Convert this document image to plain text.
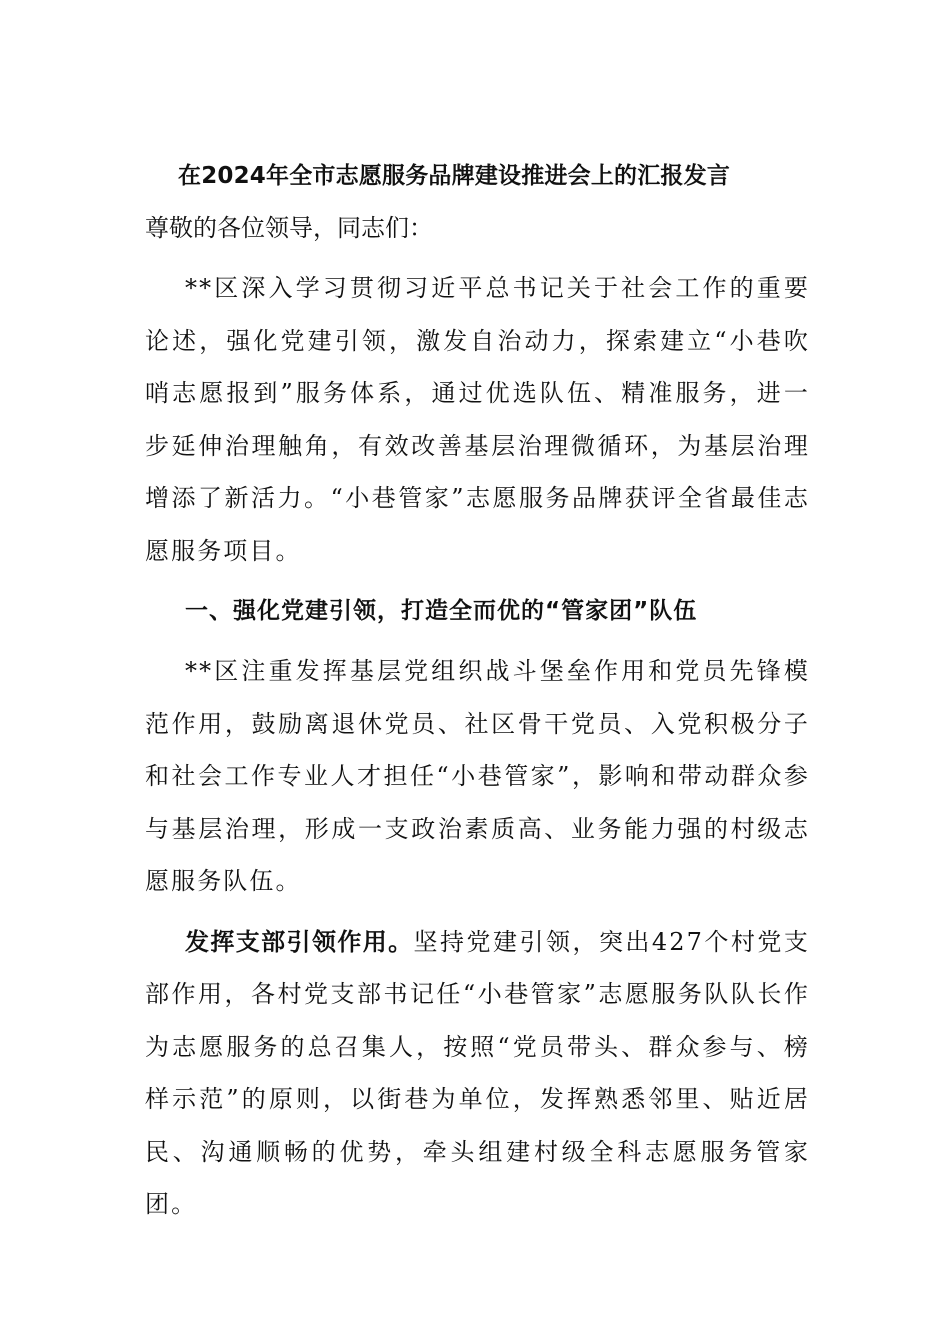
在2024年全市志愿服务品牌建设推进会上的汇报发言

尊敬的各位领导，同志们：

**区深入学习贯彻习近平总书记关于社会工作的重要论述，强化党建引领，激发自治动力，探索建立“小巷吹哨志愿报到”服务体系，通过优选队伍、精准服务，进一步延伸治理触角，有效改善基层治理微循环，为基层治理增添了新活力。“小巷管家”志愿服务品牌获评全省最佳志愿服务项目。

一、强化党建引领，打造全而优的“管家团”队伍

**区注重发挥基层党组织战斗堡垒作用和党员先锋模范作用，鼓励离退休党员、社区骨干党员、入党积极分子和社会工作专业人才担任“小巷管家”，影响和带动群众参与基层治理，形成一支政治素质高、业务能力强的村级志愿服务队伍。

发挥支部引领作用。坚持党建引领，突出427个村党支部作用，各村党支部书记任“小巷管家”志愿服务队队长作为志愿服务的总召集人，按照“党员带头、群众参与、榜样示范”的原则，以街巷为单位，发挥熟悉邻里、贴近居民、沟通顺畅的优势，牵头组建村级全科志愿服务管家团。
